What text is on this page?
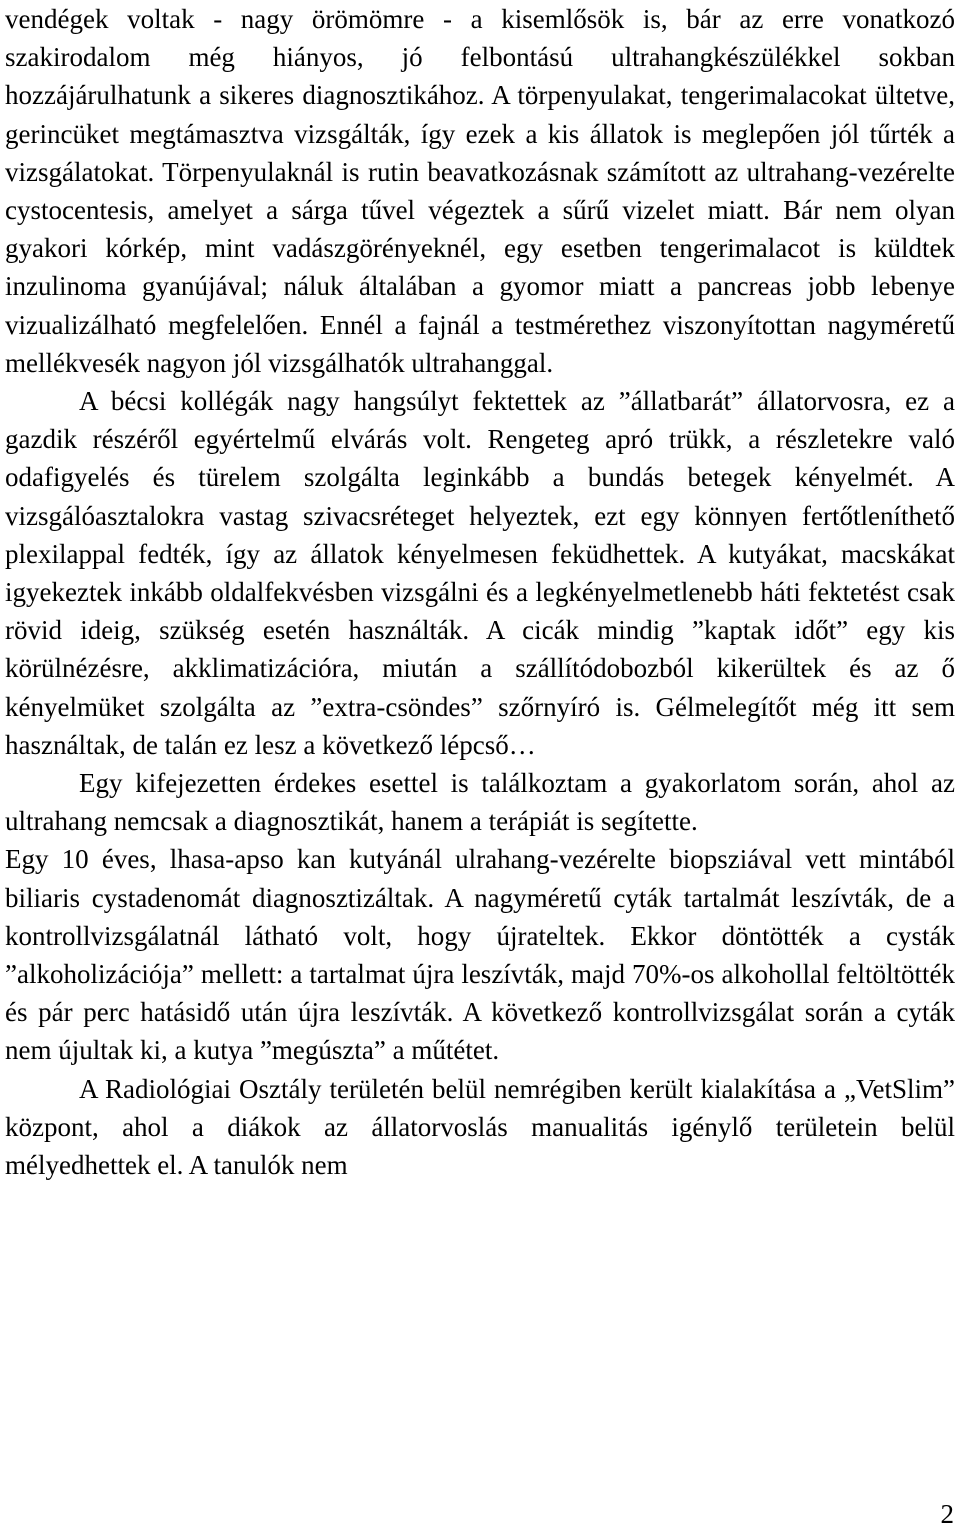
vendégek voltak - nagy örömömre - a kisemlősök is, bár az erre vonatkozó szakirodalom még hiányos, jó felbontású ultrahangkészülékkel sokban hozzájárulhatunk a sikeres diagnosztikához. A törpenyulakat, tengerimalacokat ültetve, gerincüket megtámasztva vizsgálták, így ezek a kis állatok is meglepően jól tűrték a vizsgálatokat. Törpenyulaknál is rutin beavatkozásnak számított az ultrahang-vezérelte cystocentesis, amelyet a sárga tűvel végeztek a sűrű vizelet miatt. Bár nem olyan gyakori kórkép, mint vadászgörényeknél, egy esetben tengerimalacot is küldtek inzulinoma gyanújával; náluk általában a gyomor miatt a pancreas jobb lebenye vizualizálható megfelelően. Ennél a fajnál a testmérethez viszonyítottan nagyméretű mellékvesék nagyon jól vizsgálhatók ultrahanggal.

A bécsi kollégák nagy hangsúlyt fektettek az ”állatbarát” állatorvosra, ez a gazdik részéről egyértelmű elvárás volt. Rengeteg apró trükk, a részletekre való odafigyelés és türelem szolgálta leginkább a bundás betegek kényelmét. A vizsgálóasztalokra vastag szivacsréteget helyeztek, ezt egy könnyen fertőtleníthető plexilappal fedték, így az állatok kényelmesen feküdhettek. A kutyákat, macskákat igyekeztek inkább oldalfekvésben vizsgálni és a legkényelmetlenebb háti fektetést csak rövid ideig, szükség esetén használták. A cicák mindig ”kaptak időt” egy kis körülnézésre, akklimatizációra, miután a szállítódobozból kikerültek és az ő kényelmüket szolgálta az ”extra-csöndes” szőrnyíró is. Gélmelegítőt még itt sem használtak, de talán ez lesz a következő lépcső…

Egy kifejezetten érdekes esettel is találkoztam a gyakorlatom során, ahol az ultrahang nemcsak a diagnosztikát, hanem a terápiát is segítette.

Egy 10 éves, lhasa-apso kan kutyánál ulrahang-vezérelte biopsziával vett mintából biliaris cystadenomát diagnosztizáltak. A nagyméretű cyták tartalmát leszívták, de a kontrollvizsgálatnál látható volt, hogy újrateltek. Ekkor döntötték a cysták ”alkoholizációja” mellett: a tartalmat újra leszívták, majd 70%-os alkohollal feltöltötték és pár perc hatásidő után újra leszívták. A következő kontrollvizsgálat során a cyták nem újultak ki, a kutya ”megúszta” a műtétet.

A Radiológiai Osztály területén belül nemrégiben került kialakítása a „VetSlim” központ, ahol a diákok az állatorvoslás manualitás igénylő területein belül mélyedhettek el. A tanulók nem

2
